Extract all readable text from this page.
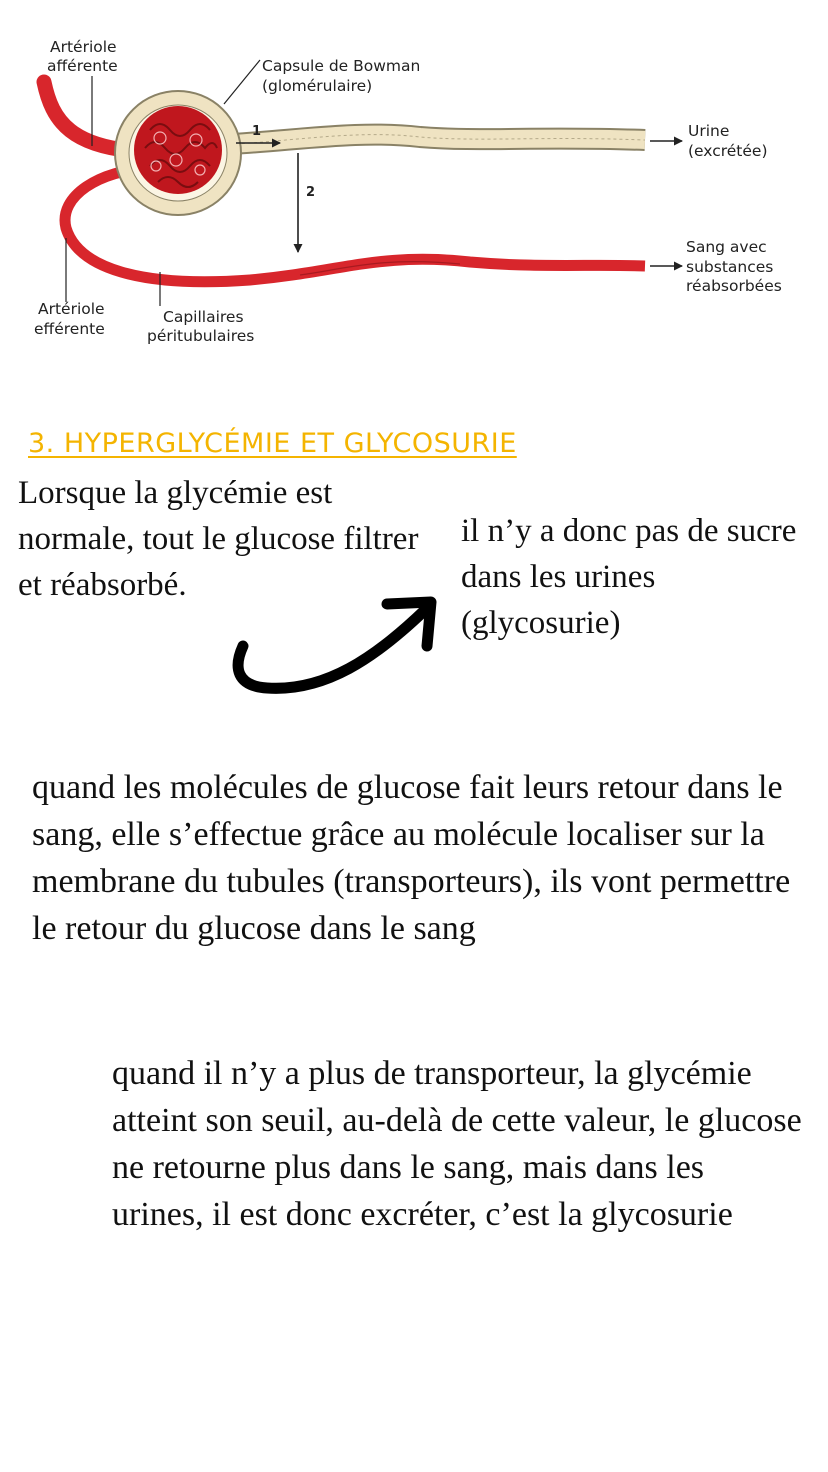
1
2
Artériole
afférente	Capsule de Bowman
(glomérulaire)
Urine
(excrétée)
Sang avec
substances
réabsorbées
Artériole
efférente
Capillaires
péritubulaires
3. HYPERGLYCÉMIE ET GLYCOSURIE

Lorsque la glycémie est normale, tout le glucose filtrer et réabsorbé.

il n’y a donc pas de sucre dans les urines (glycosurie)

quand les molécules de glucose fait leurs retour dans le sang, elle s’effectue grâce au molécule localiser sur la membrane du tubules (transporteurs), ils vont permettre le retour du glucose dans le sang

quand il n’y a plus de transporteur, la glycémie atteint son seuil, au-delà de cette valeur, le glucose ne retourne plus dans le sang, mais dans les urines, il est donc excréter, c’est la glycosurie
